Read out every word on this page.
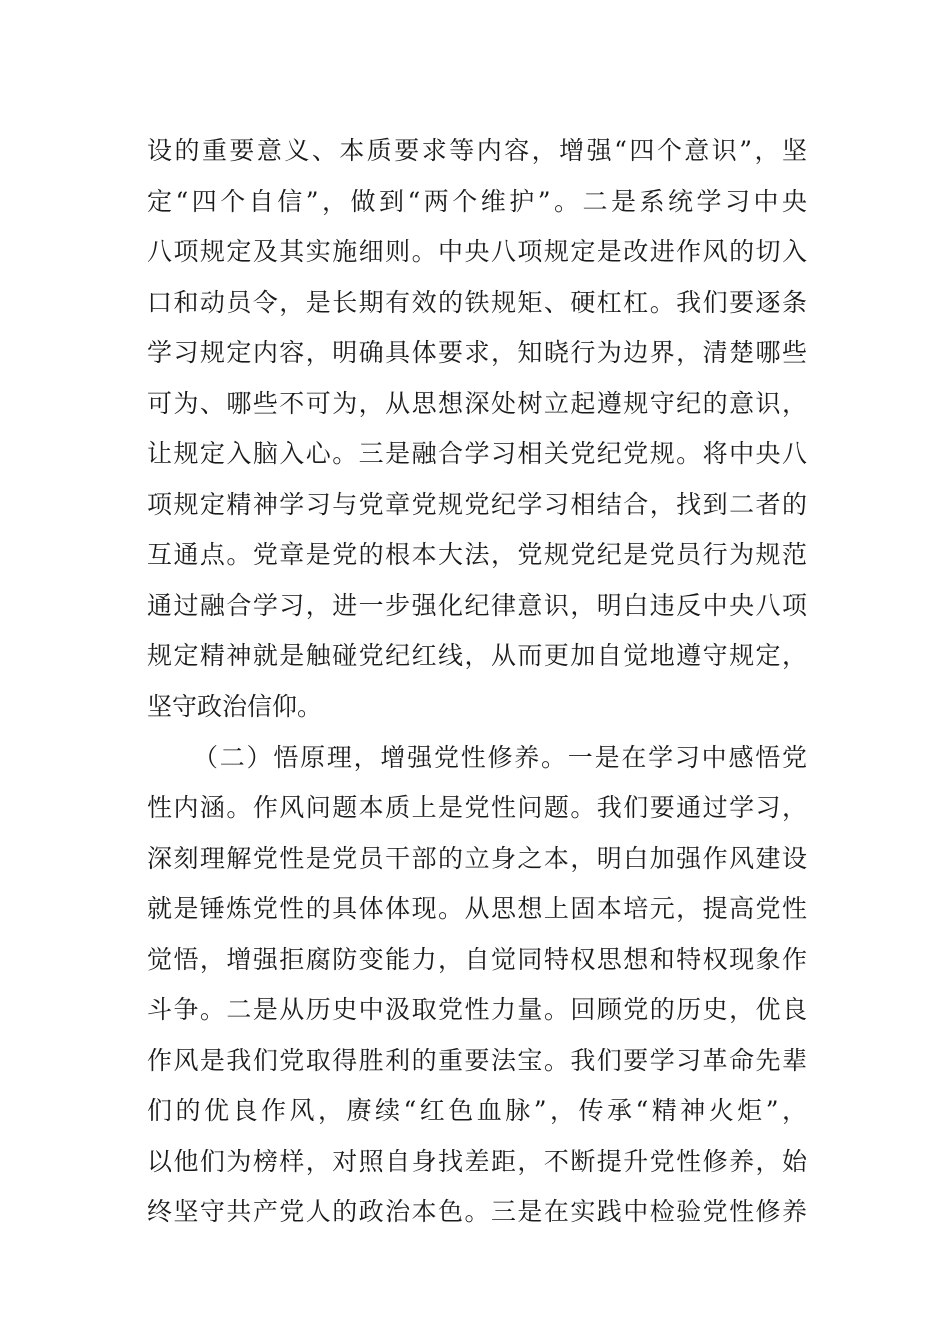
设的重要意义、本质要求等内容，增强“四个意识”，坚
定“四个自信”，做到“两个维护”。二是系统学习中央
八项规定及其实施细则。中央八项规定是改进作风的切入
口和动员令，是长期有效的铁规矩、硬杠杠。我们要逐条
学习规定内容，明确具体要求，知晓行为边界，清楚哪些
可为、哪些不可为，从思想深处树立起遵规守纪的意识，
让规定入脑入心。三是融合学习相关党纪党规。将中央八
项规定精神学习与党章党规党纪学习相结合，找到二者的
互通点。党章是党的根本大法，党规党纪是党员行为规范
通过融合学习，进一步强化纪律意识，明白违反中央八项
规定精神就是触碰党纪红线，从而更加自觉地遵守规定，
坚守政治信仰。
（二）悟原理，增强党性修养。一是在学习中感悟党
性内涵。作风问题本质上是党性问题。我们要通过学习，
深刻理解党性是党员干部的立身之本，明白加强作风建设
就是锤炼党性的具体体现。从思想上固本培元，提高党性
觉悟，增强拒腐防变能力，自觉同特权思想和特权现象作
斗争。二是从历史中汲取党性力量。回顾党的历史，优良
作风是我们党取得胜利的重要法宝。我们要学习革命先辈
们的优良作风，赓续“红色血脉”，传承“精神火炬”，
以他们为榜样，对照自身找差距，不断提升党性修养，始
终坚守共产党人的政治本色。三是在实践中检验党性修养
